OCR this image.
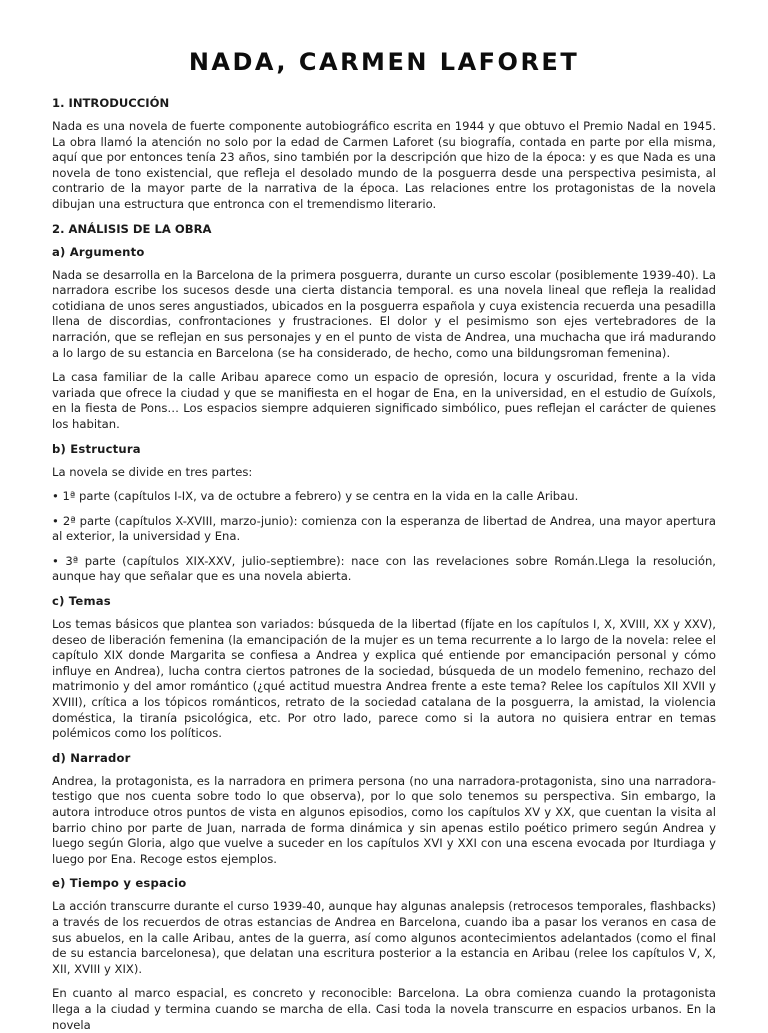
NADA, CARMEN LAFORET
1. INTRODUCCIÓN

Nada es una novela de fuerte componente autobiográfico escrita en 1944 y que obtuvo el Premio Nadal en 1945. La obra llamó la atención no solo por la edad de Carmen Laforet (su biografía, contada en parte por ella misma, aquí que por entonces tenía 23 años, sino también por la descripción que hizo de la época: y es que Nada es una novela de tono existencial, que refleja el desolado mundo de la posguerra desde una perspectiva pesimista, al contrario de la mayor parte de la narrativa de la época. Las relaciones entre los protagonistas de la novela dibujan una estructura que entronca con el tremendismo literario.

2. ANÁLISIS DE LA OBRA
a) Argumento

Nada se desarrolla en la Barcelona de la primera posguerra, durante un curso escolar (posiblemente 1939-40). La narradora escribe los sucesos desde una cierta distancia temporal. es una novela lineal que refleja la realidad cotidiana de unos seres angustiados, ubicados en la posguerra española y cuya existencia recuerda una pesadilla llena de discordias, confrontaciones y frustraciones. El dolor y el pesimismo son ejes vertebradores de la narración, que se reflejan en sus personajes y en el punto de vista de Andrea, una muchacha que irá madurando a lo largo de su estancia en Barcelona (se ha considerado, de hecho, como una bildungsroman femenina).

La casa familiar de la calle Aribau aparece como un espacio de opresión, locura y oscuridad, frente a la vida variada que ofrece la ciudad y que se manifiesta en el hogar de Ena, en la universidad, en el estudio de Guíxols, en la fiesta de Pons… Los espacios siempre adquieren significado simbólico, pues reflejan el carácter de quienes los habitan.

b) Estructura

La novela se divide en tres partes:

• 1ª parte (capítulos I-IX, va de octubre a febrero) y se centra en la vida en la calle Aribau.

• 2ª parte (capítulos X-XVIII, marzo-junio): comienza con la esperanza de libertad de Andrea, una mayor apertura al exterior, la universidad y Ena.

• 3ª parte (capítulos XIX-XXV, julio-septiembre): nace con las revelaciones sobre Román.Llega la resolución, aunque hay que señalar que es una novela abierta.

c) Temas

Los temas básicos que plantea son variados: búsqueda de la libertad (fíjate en los capítulos I, X, XVIII, XX y XXV), deseo de liberación femenina (la emancipación de la mujer es un tema recurrente a lo largo de la novela: relee el capítulo XIX donde Margarita se confiesa a Andrea y explica qué entiende por emancipación personal y cómo influye en Andrea), lucha contra ciertos patrones de la sociedad, búsqueda de un modelo femenino, rechazo del matrimonio y del amor romántico (¿qué actitud muestra Andrea frente a este tema? Relee los capítulos XII XVII y XVIII), crítica a los tópicos románticos, retrato de la sociedad catalana de la posguerra, la amistad, la violencia doméstica, la tiranía psicológica, etc. Por otro lado, parece como si la autora no quisiera entrar en temas polémicos como los políticos.

d) Narrador

Andrea, la protagonista, es la narradora en primera persona (no una narradora-protagonista, sino una narradora-testigo que nos cuenta sobre todo lo que observa), por lo que solo tenemos su perspectiva. Sin embargo, la autora introduce otros puntos de vista en algunos episodios, como los capítulos XV y XX, que cuentan la visita al barrio chino por parte de Juan, narrada de forma dinámica y sin apenas estilo poético primero según Andrea y luego según Gloria, algo que vuelve a suceder en los capítulos XVI y XXI con una escena evocada por Iturdiaga y luego por Ena. Recoge estos ejemplos.

e) Tiempo y espacio

La acción transcurre durante el curso 1939-40, aunque hay algunas analepsis (retrocesos temporales, flashbacks) a través de los recuerdos de otras estancias de Andrea en Barcelona, cuando iba a pasar los veranos en casa de sus abuelos, en la calle Aribau, antes de la guerra, así como algunos acontecimientos adelantados (como el final de su estancia barcelonesa), que delatan una escritura posterior a la estancia en Aribau (relee los capítulos V, X, XII, XVIII y XIX).

En cuanto al marco espacial, es concreto y reconocible: Barcelona. La obra comienza cuando la protagonista llega a la ciudad y termina cuando se marcha de ella. Casi toda la novela transcurre en espacios urbanos. En la novela
